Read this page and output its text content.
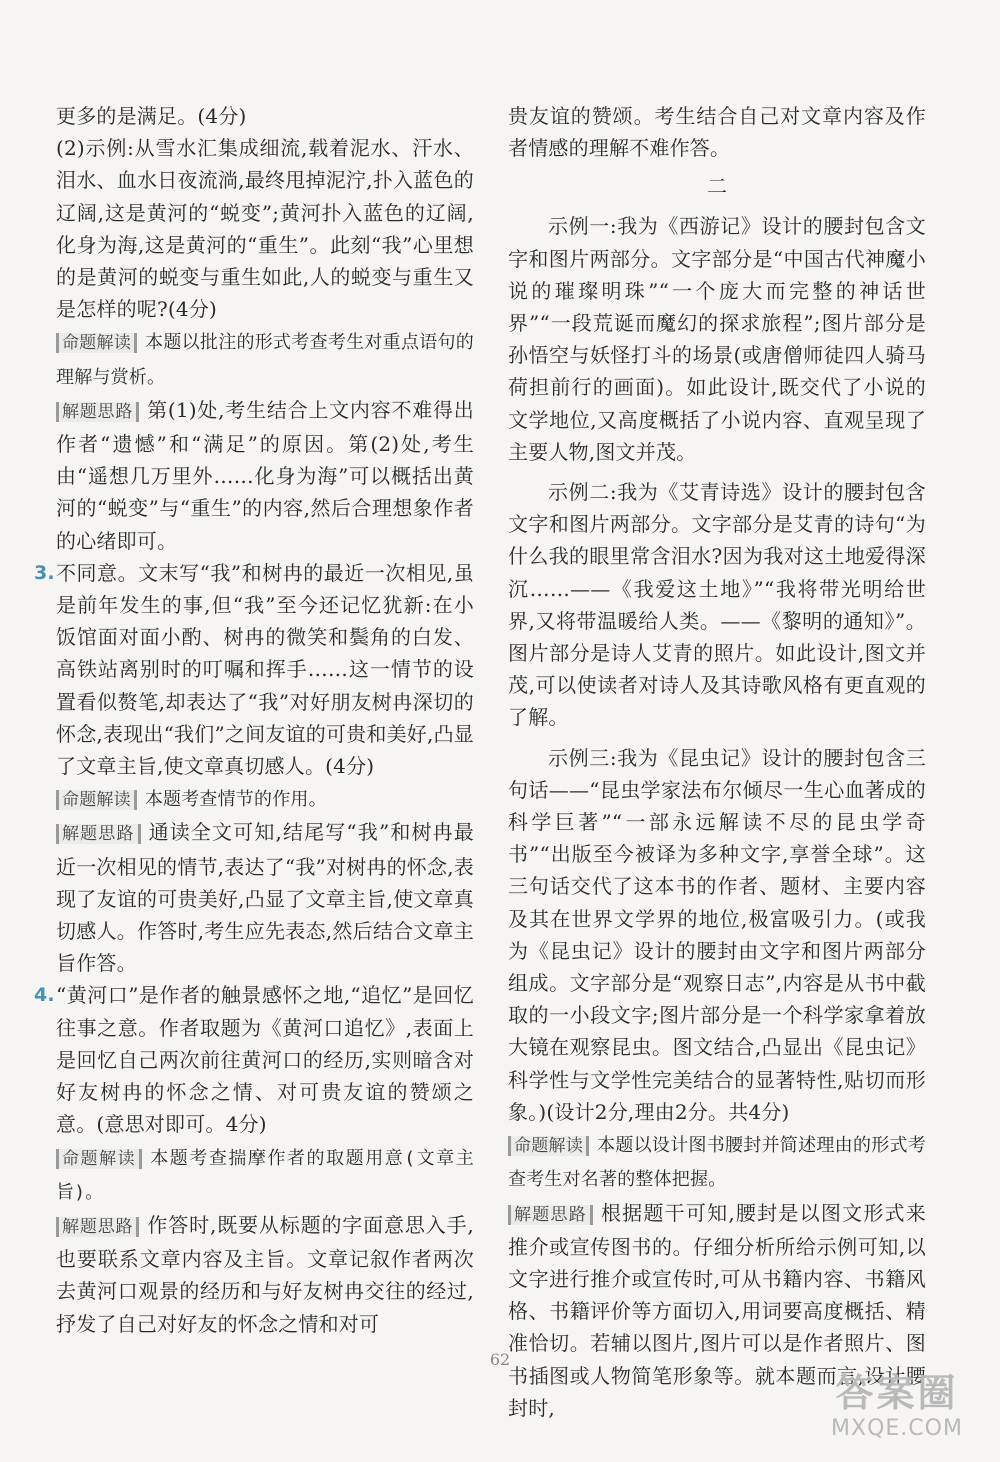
更多的是满足。(4分)

(2)示例:从雪水汇集成细流,载着泥水、汗水、泪水、血水日夜流淌,最终甩掉泥泞,扑入蓝色的辽阔,这是黄河的“蜕变”;黄河扑入蓝色的辽阔,化身为海,这是黄河的“重生”。此刻“我”心里想的是黄河的蜕变与重生如此,人的蜕变与重生又是怎样的呢?(4分)

命题解读 本题以批注的形式考查考生对重点语句的理解与赏析。

解题思路 第(1)处,考生结合上文内容不难得出作者“遗憾”和“满足”的原因。第(2)处,考生由“遥想几万里外……化身为海”可以概括出黄河的“蜕变”与“重生”的内容,然后合理想象作者的心绪即可。

3. 不同意。文末写“我”和树冉的最近一次相见,虽是前年发生的事,但“我”至今还记忆犹新:在小饭馆面对面小酌、树冉的微笑和鬓角的白发、高铁站离别时的叮嘱和挥手……这一情节的设置看似赘笔,却表达了“我”对好朋友树冉深切的怀念,表现出“我们”之间友谊的可贵和美好,凸显了文章主旨,使文章真切感人。(4分)

命题解读 本题考查情节的作用。

解题思路 通读全文可知,结尾写“我”和树冉最近一次相见的情节,表达了“我”对树冉的怀念,表现了友谊的可贵美好,凸显了文章主旨,使文章真切感人。作答时,考生应先表态,然后结合文章主旨作答。

4. “黄河口”是作者的触景感怀之地,“追忆”是回忆往事之意。作者取题为《黄河口追忆》,表面上是回忆自己两次前往黄河口的经历,实则暗含对好友树冉的怀念之情、对可贵友谊的赞颂之意。(意思对即可。4分)

命题解读 本题考查揣摩作者的取题用意(文章主旨)。

解题思路 作答时,既要从标题的字面意思入手,也要联系文章内容及主旨。文章记叙作者两次去黄河口观景的经历和与好友树冉交往的经过,抒发了自己对好友的怀念之情和对可

贵友谊的赞颂。考生结合自己对文章内容及作者情感的理解不难作答。

二

示例一:我为《西游记》设计的腰封包含文字和图片两部分。文字部分是“中国古代神魔小说的璀璨明珠”“一个庞大而完整的神话世界”“一段荒诞而魔幻的探求旅程”;图片部分是孙悟空与妖怪打斗的场景(或唐僧师徒四人骑马荷担前行的画面)。如此设计,既交代了小说的文学地位,又高度概括了小说内容、直观呈现了主要人物,图文并茂。

示例二:我为《艾青诗选》设计的腰封包含文字和图片两部分。文字部分是艾青的诗句“为什么我的眼里常含泪水?因为我对这土地爱得深沉……——《我爱这土地》”“我将带光明给世界,又将带温暖给人类。——《黎明的通知》”。图片部分是诗人艾青的照片。如此设计,图文并茂,可以使读者对诗人及其诗歌风格有更直观的了解。

示例三:我为《昆虫记》设计的腰封包含三句话——“昆虫学家法布尔倾尽一生心血著成的科学巨著”“一部永远解读不尽的昆虫学奇书”“出版至今被译为多种文字,享誉全球”。这三句话交代了这本书的作者、题材、主要内容及其在世界文学界的地位,极富吸引力。(或我为《昆虫记》设计的腰封由文字和图片两部分组成。文字部分是“观察日志”,内容是从书中截取的一小段文字;图片部分是一个科学家拿着放大镜在观察昆虫。图文结合,凸显出《昆虫记》科学性与文学性完美结合的显著特性,贴切而形象。)(设计2分,理由2分。共4分)

命题解读 本题以设计图书腰封并简述理由的形式考查考生对名著的整体把握。

解题思路 根据题干可知,腰封是以图文形式来推介或宣传图书的。仔细分析所给示例可知,以文字进行推介或宣传时,可从书籍内容、书籍风格、书籍评价等方面切入,用词要高度概括、精准恰切。若辅以图片,图片可以是作者照片、图书插图或人物简笔形象等。就本题而言,设计腰封时,

62
答案圈
MXQE.COM
